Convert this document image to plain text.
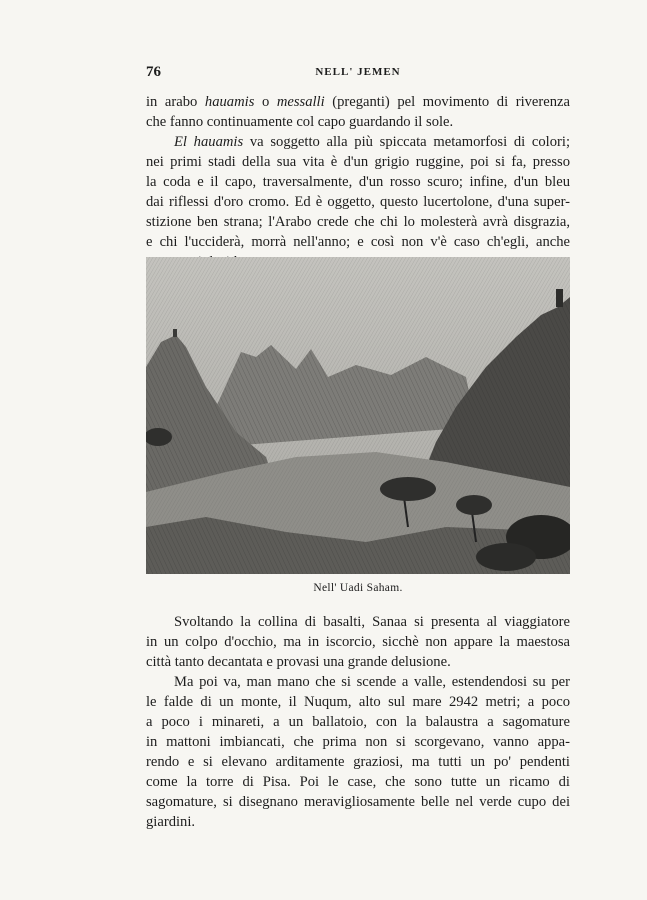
76	NELL' JEMEN
in arabo hauamis o messalli (preganti) pel movimento di riverenza
che fanno continuamente col capo guardando il sole.
El hauamis va soggetto alla più spiccata metamorfosi di colori;
nei primi stadi della sua vita è d'un grigio ruggine, poi si fa, presso
la coda e il capo, traversalmente, d'un rosso scuro; infine, d'un bleu
dai riflessi d'oro cromo. Ed è oggetto, questo lucertolone, d'una super-
stizione ben strana; l'Arabo crede che chi lo molesterà avrà disgrazia,
e chi l'ucciderà, morrà nell'anno; e così non v'è caso ch'egli, anche
Nell' Uadi Saham.
Svoltando la collina di basalti, Sanaa si presenta al viaggiatore
in un colpo d'occhio, ma in iscorcio, sicchè non appare la maestosa
città tanto decantata e provasi una grande delusione.
Ma poi va, man mano che si scende a valle, estendendosi su per
le falde di un monte, il Nuqum, alto sul mare 2942 metri; a poco
a poco i minareti, a un ballatoio, con la balaustra a sagomature
in mattoni imbiancati, che prima non si scorgevano, vanno appa-
rendo e si elevano arditamente graziosi, ma tutti un po' pendenti
come la torre di Pisa. Poi le case, che sono tutte un ricamo di
sagomature, si disegnano meravigliosamente belle nel verde cupo dei
giardini.
